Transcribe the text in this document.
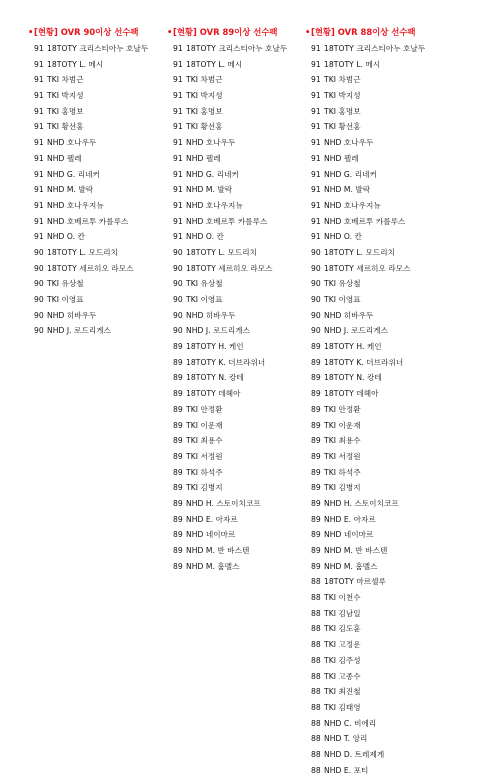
• [현황] OVR 90이상 선수팩
91 18TOTY 크리스티아누 호날두
91 18TOTY L. 메시
91 TKI 차범근
91 TKI 박지성
91 TKI 홍명보
91 TKI 황선홍
91 NHD 호나우두
91 NHD 펠레
91 NHD G. 리네커
91 NHD M. 발락
91 NHD 호나우지뉴
91 NHD 호베르투 카를루스
91 NHD O. 칸
90 18TOTY L. 모드리치
90 18TOTY 세르히오 라모스
90 TKI 유상철
90 TKI 이영표
90 NHD 히바우두
90 NHD J. 로드리게스
• [현황] OVR 89이상 선수팩
91 18TOTY 크리스티아누 호날두
91 18TOTY L. 메시
91 TKI 차범근
91 TKI 박지성
91 TKI 홍명보
91 TKI 황선홍
91 NHD 호나우두
91 NHD 펠레
91 NHD G. 리네커
91 NHD M. 발락
91 NHD 호나우지뉴
91 NHD 호베르투 카를루스
91 NHD O. 칸
90 18TOTY L. 모드리치
90 18TOTY 세르히오 라모스
90 TKI 유상철
90 TKI 이영표
90 NHD 히바우두
90 NHD J. 로드리게스
89 18TOTY H. 케인
89 18TOTY K. 더브라위너
89 18TOTY N. 캉테
89 18TOTY 데헤아
89 TKI 안정환
89 TKI 이운재
89 TKI 최용수
89 TKI 서정원
89 TKI 하석주
89 TKI 김병지
89 NHD H. 스토이치코프
89 NHD E. 아자르
89 NHD 네이마르
89 NHD M. 반 바스텐
89 NHD M. 훔멜스
• [현황] OVR 88이상 선수팩
91 18TOTY 크리스티아누 호날두
91 18TOTY L. 메시
91 TKI 차범근
91 TKI 박지성
91 TKI 홍명보
91 TKI 황선홍
91 NHD 호나우두
91 NHD 펠레
91 NHD G. 리네커
91 NHD M. 발락
91 NHD 호나우지뉴
91 NHD 호베르투 카를루스
91 NHD O. 칸
90 18TOTY L. 모드리치
90 18TOTY 세르히오 라모스
90 TKI 유상철
90 TKI 이영표
90 NHD 히바우두
90 NHD J. 로드리게스
89 18TOTY H. 케인
89 18TOTY K. 더브라위너
89 18TOTY N. 캉테
89 18TOTY 데헤아
89 TKI 안정환
89 TKI 이운재
89 TKI 최용수
89 TKI 서정원
89 TKI 하석주
89 TKI 김병지
89 NHD H. 스토이치코프
89 NHD E. 아자르
89 NHD 네이마르
89 NHD M. 반 바스텐
89 NHD M. 훔멜스
88 18TOTY 마르셀루
88 TKI 이천수
88 TKI 김남일
88 TKI 김도훈
88 TKI 고정운
88 TKI 김주성
88 TKI 고종수
88 TKI 최진철
88 TKI 김태영
88 NHD C. 비에리
88 NHD T. 앙리
88 NHD D. 트레제게
88 NHD E. 포티
